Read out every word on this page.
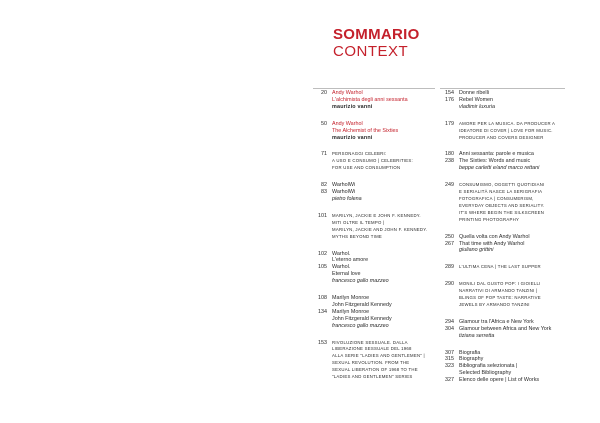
SOMMARIO
CONTEXT
20 Andy Warhol
L'alchimista degli anni sessanta
maurizio vanni
50 Andy Warhol
The Alchemist of the Sixties
maurizio vanni
71 PERSONAGGI CELEBRI:
A USO E CONSUMO | CELEBRITIES:
FOR USE AND CONSUMPTION
82
83
WarholWi
WarholWi
pietro folena
101 MARILYN, JACKIE E JOHN F. KENNEDY.
MITI OLTRE IL TEMPO |
MARILYN, JACKIE AND JOHN F. KENNEDY.
MYTHS BEYOND TIME
102

105
Warhol.
L'eterno amore
Warhol.
Eternal love
francesco gallo mazzeo
108

134
Marilyn Monroe
John Fitzgerald Kennedy
Marilyn Monroe
John Fitzgerald Kennedy
francesco gallo mazzeo
153 RIVOLUZIONE SESSUALE. DALLA
LIBERAZIONE SESSUALE DEL 1968
ALLA SERIE "LADIES AND GENTLEMEN" |
SEXUAL REVOLUTION. FROM THE
SEXUAL LIBERATION OF 1968 TO THE
"LADIES AND GENTLEMEN" SERIES
154
176
Donne ribelli
Rebel Women
vladimir luxuria
179 AMORE PER LA MUSICA. DA PRODUCER A
IDEATORE DI COVER | LOVE FOR MUSIC.
PRODUCER AND COVERS DESIGNER
180
238
Anni sessanta: parole e musica
The Sixties: Words and music
beppe carletti e/and marco rettani
249 CONSUMISMO, OGGETTI QUOTIDIANI
E SERIALITÀ NASCE LA SERIGRAFIA
FOTOGRAFICA | CONSUMERISM,
EVERYDAY OBJECTS AND SERIALITY.
IT'S WHERE BEGIN THE SILKSCREEN
PRINTING PHOTOGRAPHY
250
267
Quella volta con Andy Warhol
That time with Andy Warhol
giuliano grittini
289 L'ULTIMA CENA | THE LAST SUPPER
290 MONILI DAL GUSTO POP: I GIOIELLI
NARRATIVI DI ARMANDO TANZINI |
BLINGS OF POP TASTE: NARRATIVE
JEWELS BY ARMANDO TANZINI
294
304
Glamour tra l'Africa e New York
Glamour between Africa and New York
tiziana serretta
307
315
323

327
Biografia
Biography
Bibliografia selezionata |
Selected Bibliography
Elenco delle opere | List of Works
